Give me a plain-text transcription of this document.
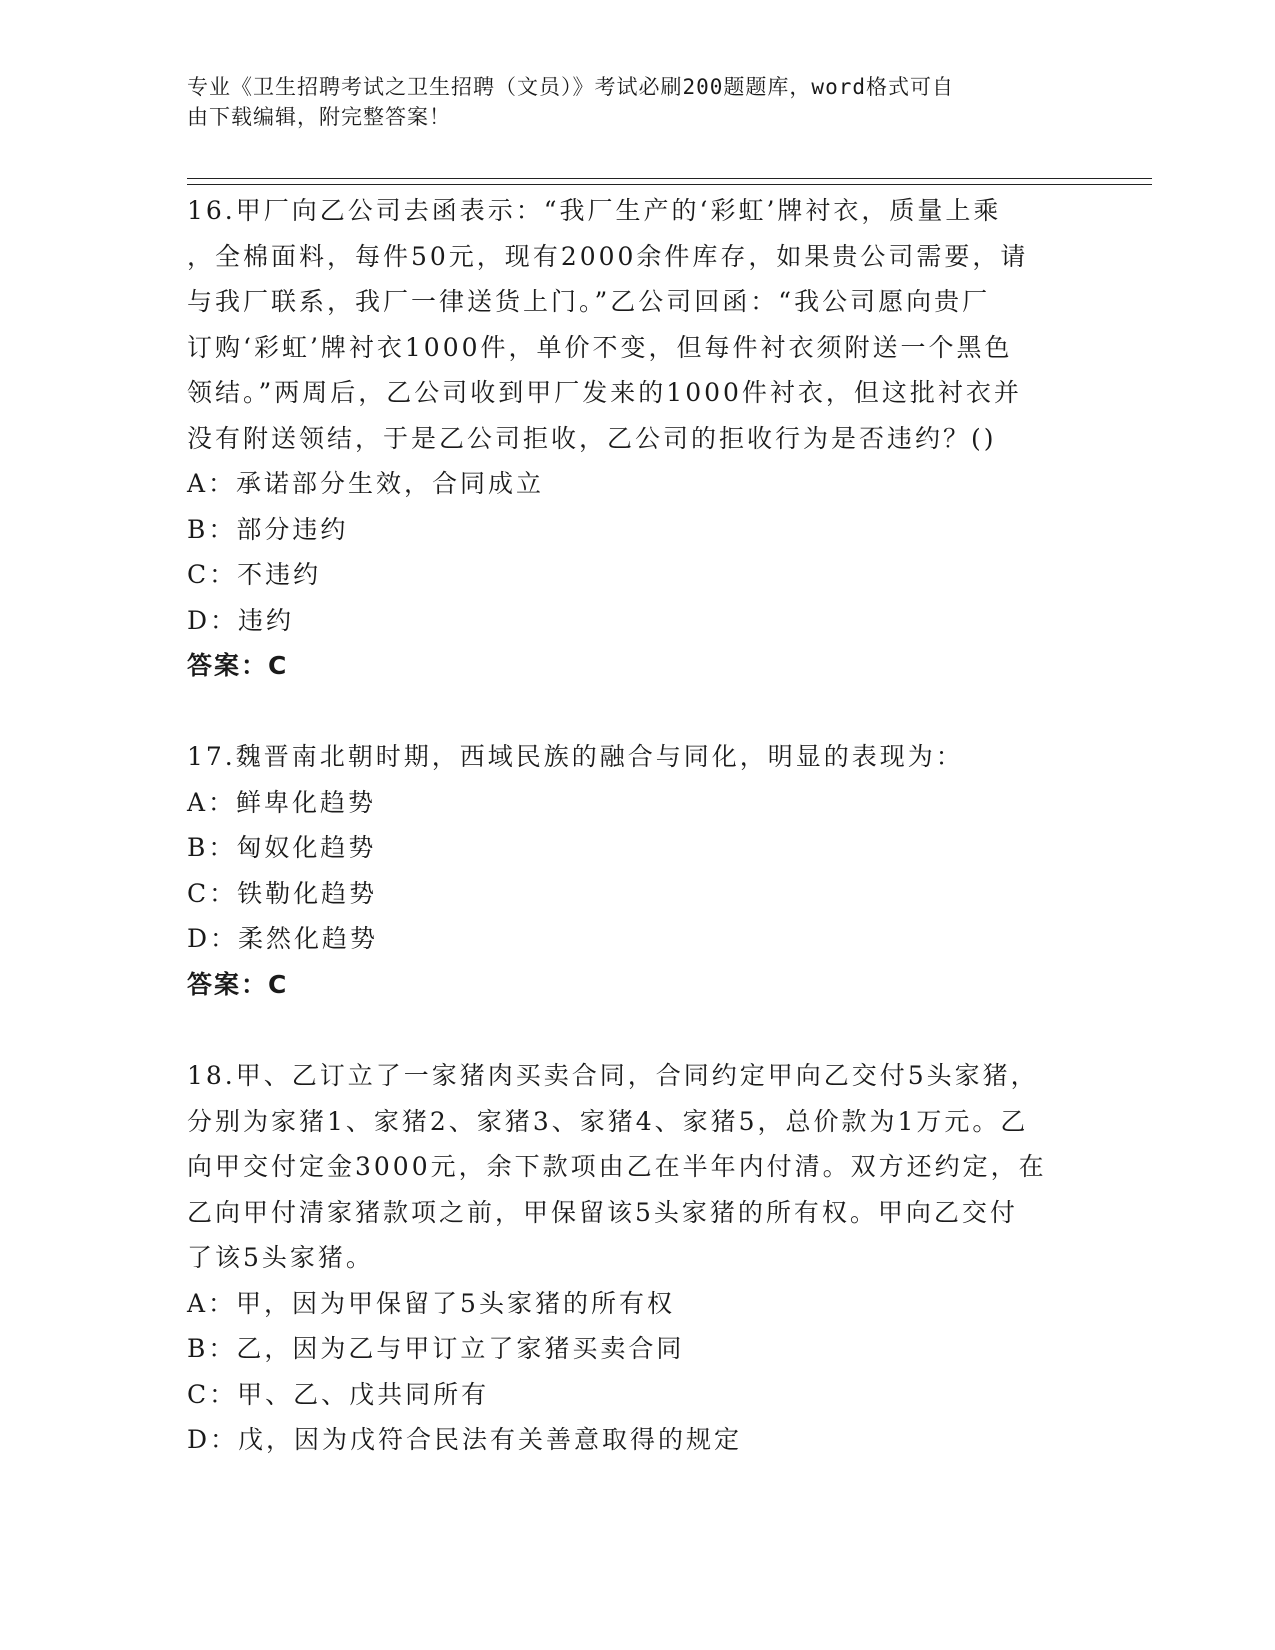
专业《卫生招聘考试之卫生招聘（文员）》考试必刷200题题库，word格式可自
由下载编辑，附完整答案！
16.甲厂向乙公司去函表示：“我厂生产的‘彩虹’牌衬衣，质量上乘
，全棉面料，每件50元，现有2000余件库存，如果贵公司需要，请
与我厂联系，我厂一律送货上门。”乙公司回函：“我公司愿向贵厂
订购‘彩虹’牌衬衣1000件，单价不变，但每件衬衣须附送一个黑色
领结。”两周后，乙公司收到甲厂发来的1000件衬衣，但这批衬衣并
没有附送领结，于是乙公司拒收，乙公司的拒收行为是否违约？()
A：承诺部分生效，合同成立
B：部分违约
C：不违约
D：违约
答案：C
17.魏晋南北朝时期，西域民族的融合与同化，明显的表现为：
A：鲜卑化趋势
B：匈奴化趋势
C：铁勒化趋势
D：柔然化趋势
答案：C
18.甲、乙订立了一家猪肉买卖合同，合同约定甲向乙交付5头家猪，
分别为家猪1、家猪2、家猪3、家猪4、家猪5，总价款为1万元。乙
向甲交付定金3000元，余下款项由乙在半年内付清。双方还约定，在
乙向甲付清家猪款项之前，甲保留该5头家猪的所有权。甲向乙交付
了该5头家猪。
A：甲，因为甲保留了5头家猪的所有权
B：乙，因为乙与甲订立了家猪买卖合同
C：甲、乙、戊共同所有
D：戊，因为戊符合民法有关善意取得的规定
